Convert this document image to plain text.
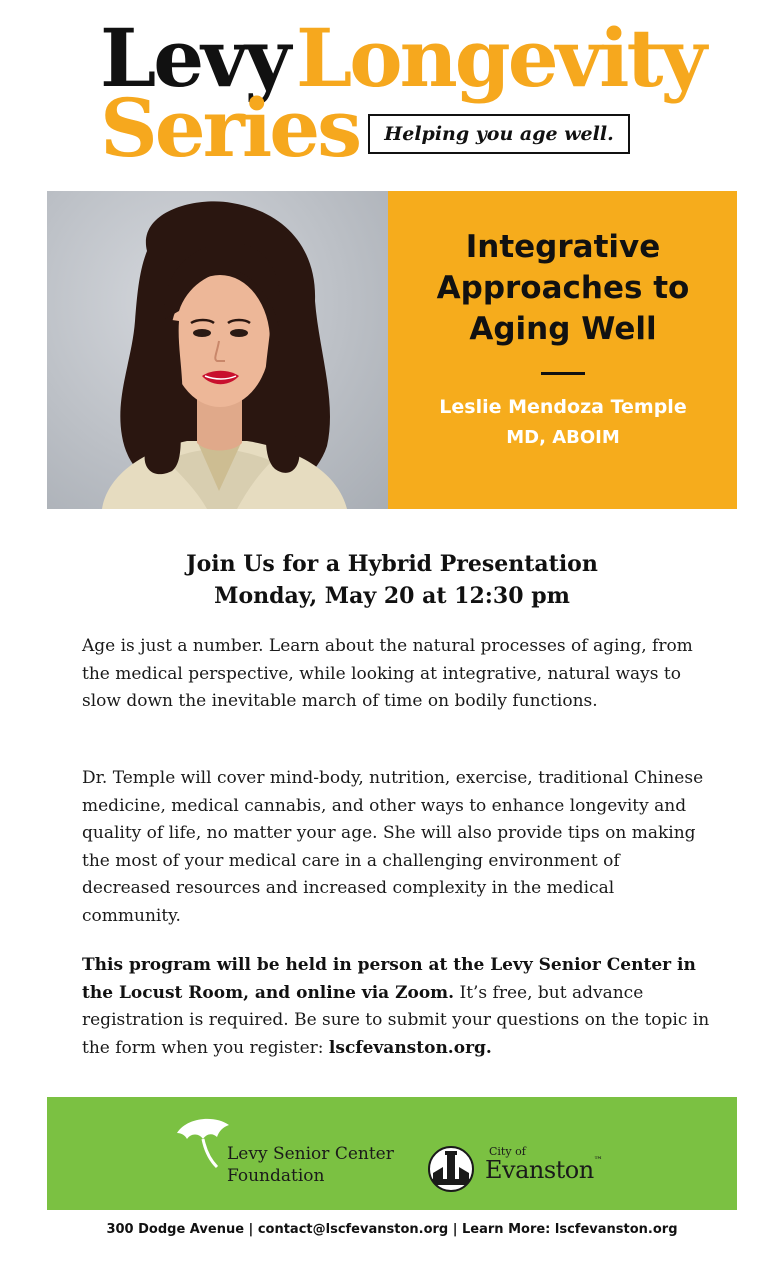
Levy Longevity
Series	Helping you age well.
Integrative
Approaches to
Aging Well
Leslie Mendoza Temple
MD, ABOIM
Join Us for a Hybrid Presentation
Monday, May 20 at 12:30 pm
Age is just a number. Learn about the natural processes of aging, from the medical perspective, while looking at integrative, natural ways to slow down the inevitable march of time on bodily functions.
Dr. Temple will cover mind-body, nutrition, exercise, traditional Chinese medicine, medical cannabis, and other ways to enhance longevity and quality of life, no matter your age. She will also provide tips on making the most of your medical care in a challenging environment of decreased resources and increased complexity in the medical community.
This program will be held in person at the Levy Senior Center in the Locust Room, and online via Zoom. It’s free, but advance registration is required. Be sure to submit your questions on the topic in the form when you register: lscfevanston.org.
Levy Senior Center
Foundation
City of
Evanston™
300 Dodge Avenue | contact@lscfevanston.org | Learn More: lscfevanston.org
